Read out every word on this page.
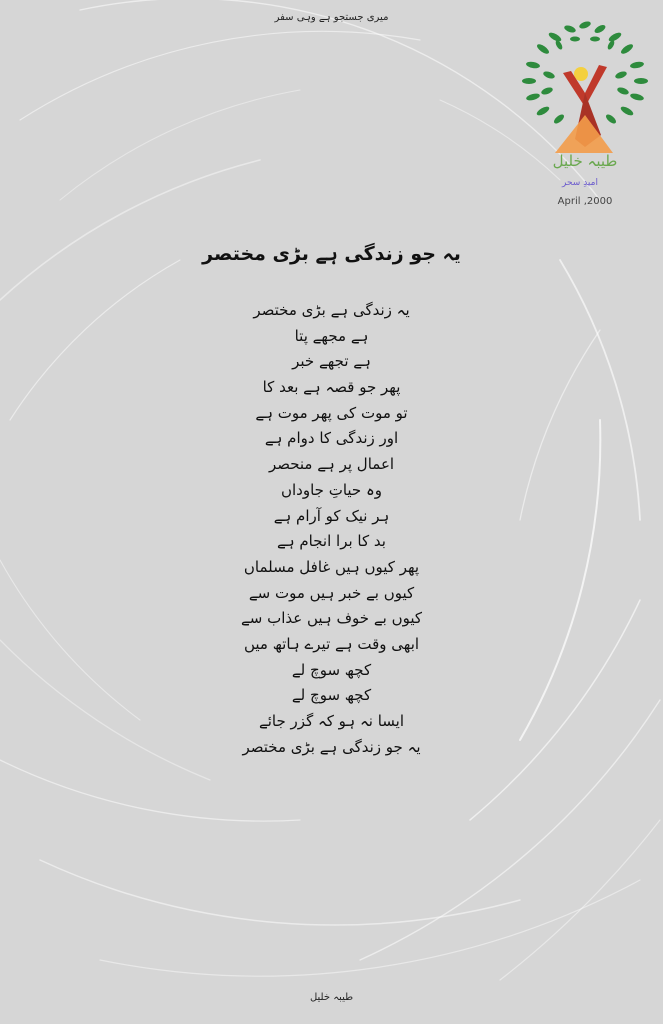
میری جستجو ہے وہی سفر
طیبہ خلیل
امیدِ سحر
April ,2000
یہ جو زندگی ہے بڑی مختصر
یہ زندگی ہے بڑی مختصر
ہے مجھے پتا
ہے تجھے خبر
پھر جو قصہ ہے بعد کا
تو موت کی پھر موت ہے
اور زندگی کا دوام ہے
اعمال پر ہے منحصر
وہ حیاتِ جاوداں
ہر نیک کو آرام ہے
بد کا برا انجام ہے
پھر کیوں ہیں غافل مسلماں
کیوں بے خبر ہیں موت سے
کیوں بے خوف ہیں عذاب سے
ابھی وقت ہے تیرے ہاتھ میں
کچھ سوچ لے
کچھ سوچ لے
ایسا نہ ہو کہ گزر جائے
یہ جو زندگی ہے بڑی مختصر
طیبہ خلیل
